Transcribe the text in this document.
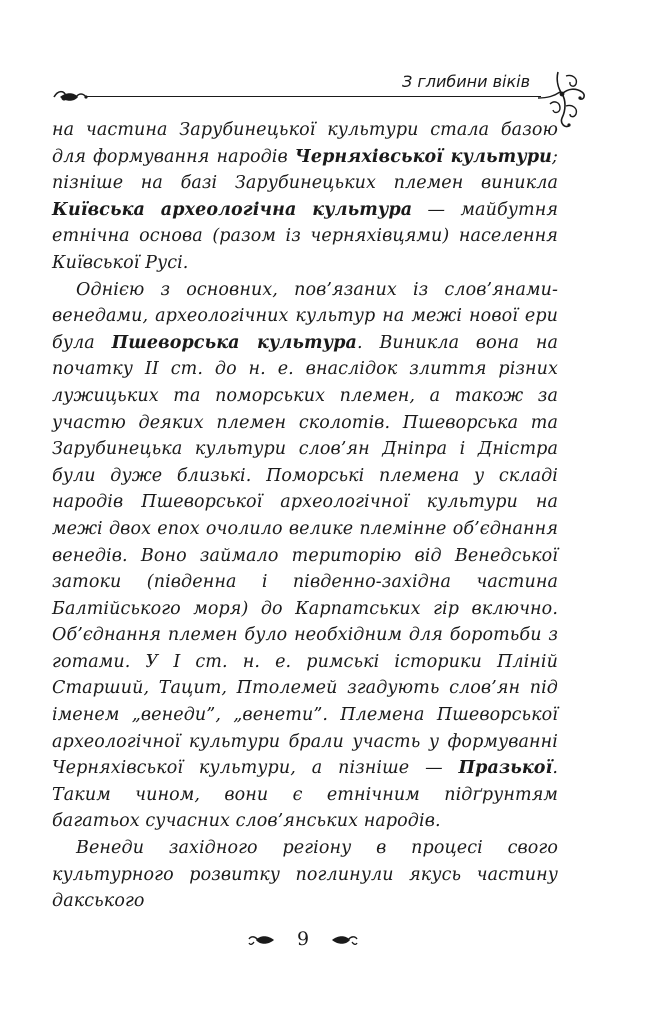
З глибини віків

на частина Зарубинецької культури стала базою для формування народів Черняхівської культури; пізніше на базі Зарубинецьких племен виникла Київська археологічна культура — майбутня етнічна основа (разом із черняхівцями) населення Київської Русі.

Однією з основних, пов’язаних із слов’янами-венедами, археологічних культур на межі нової ери була Пшеворська культура. Виникла вона на початку II ст. до н. е. внаслідок злиття різних лужицьких та поморських племен, а також за участю деяких племен сколотів. Пшеворська та Зарубинецька культури слов’ян Дніпра і Дністра були дуже близькі. Поморські племена у складі народів Пшеворської археологічної культури на межі двох епох очолило велике племінне об’єднання венедів. Воно займало територію від Венедської затоки (південна і південно-західна частина Балтійського моря) до Карпатських гір включно. Об’єднання племен було необхідним для боротьби з готами. У I ст. н. е. римські історики Пліній Старший, Тацит, Птолемей згадують слов’ян під іменем „венеди”, „венети”. Племена Пшеворської археологічної культури брали участь у формуванні Черняхівської культури, а пізніше — Празької. Таким чином, вони є етнічним підґрунтям багатьох сучасних слов’янських народів.

Венеди західного регіону в процесі свого культурного розвитку поглинули якусь частину дакського

9
